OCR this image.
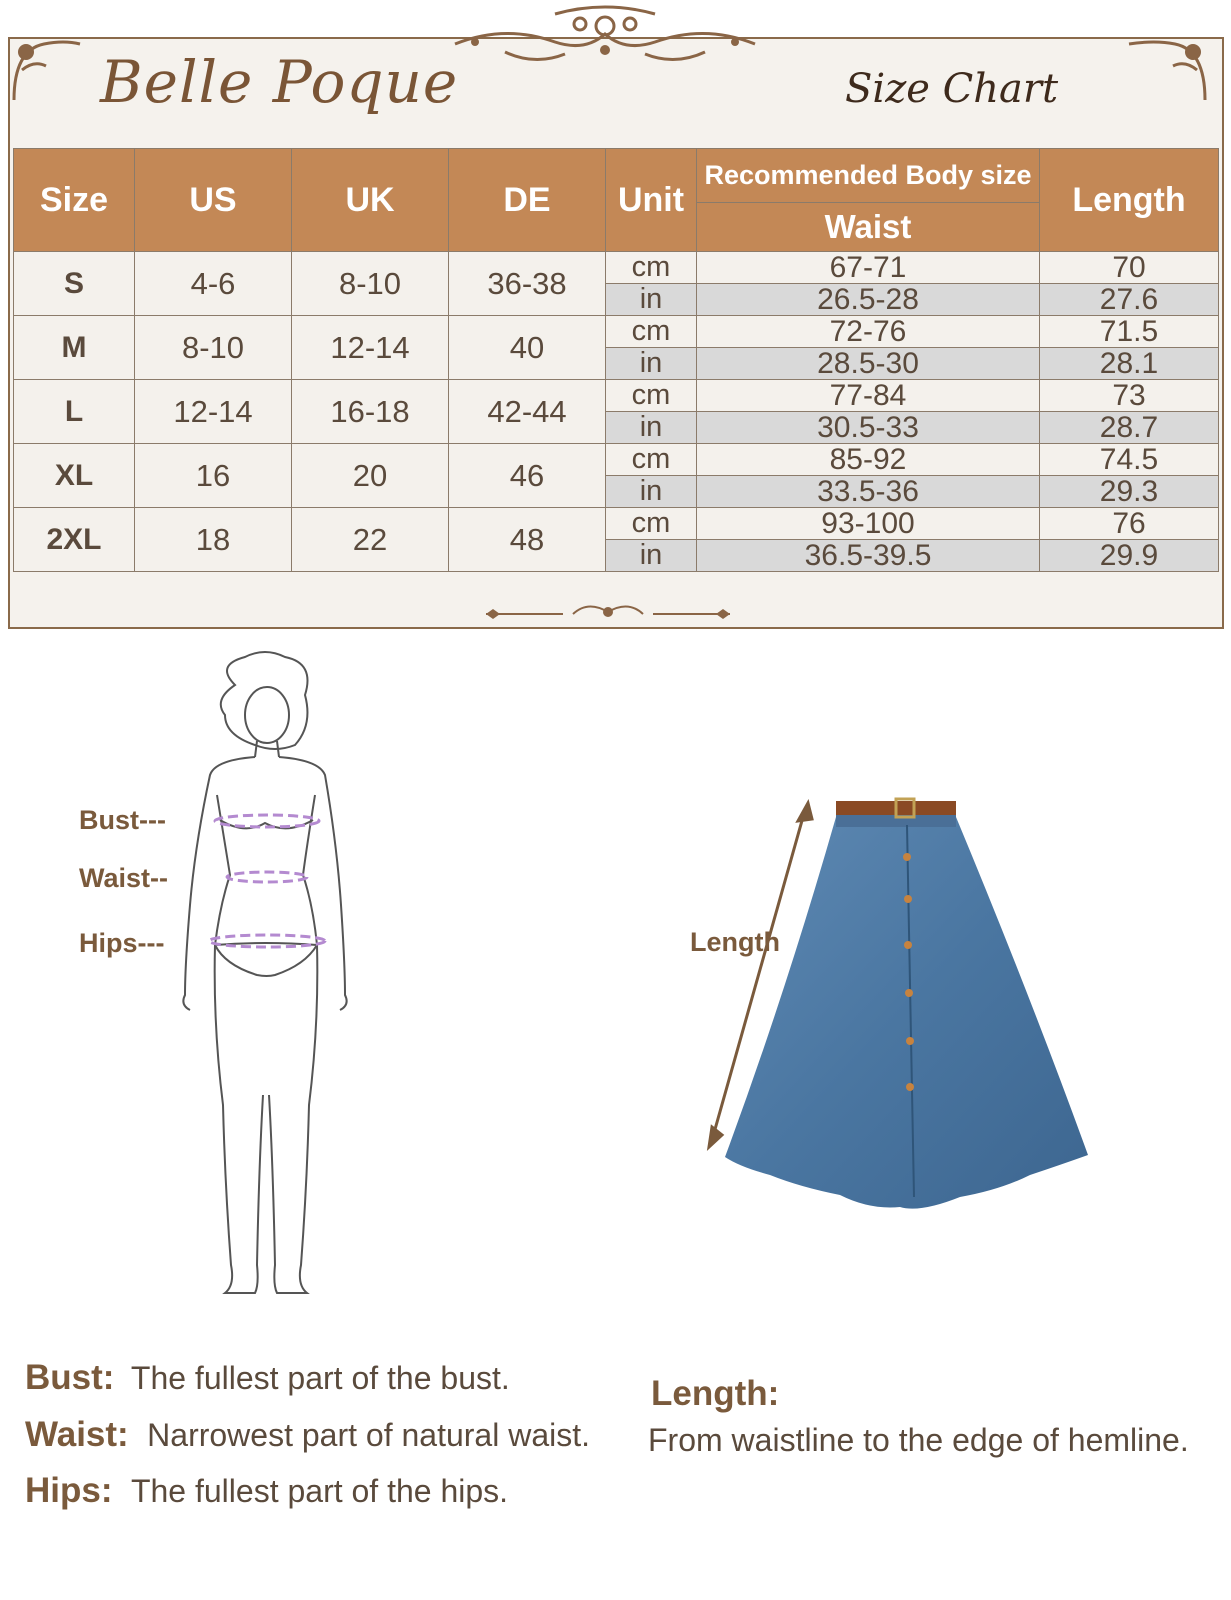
Belle Poque	Size Chart
Size	US	UK	DE	Unit	Recommended Body size	Length
					Waist	
S	4-6	8-10	36-38	cm	67-71	70
				in	26.5-28	27.6
M	8-10	12-14	40	cm	72-76	71.5
				in	28.5-30	28.1
L	12-14	16-18	42-44	cm	77-84	73
				in	30.5-33	28.7
XL	16	20	46	cm	85-92	74.5
				in	33.5-36	29.3
2XL	18	22	48	cm	93-100	76
				in	36.5-39.5	29.9
Bust---
Waist--
Hips---	Length
Bust: The fullest part of the bust.
Waist: Narrowest part of natural waist.
Hips: The fullest part of the hips.
Length:
From waistline to the edge of hemline.
